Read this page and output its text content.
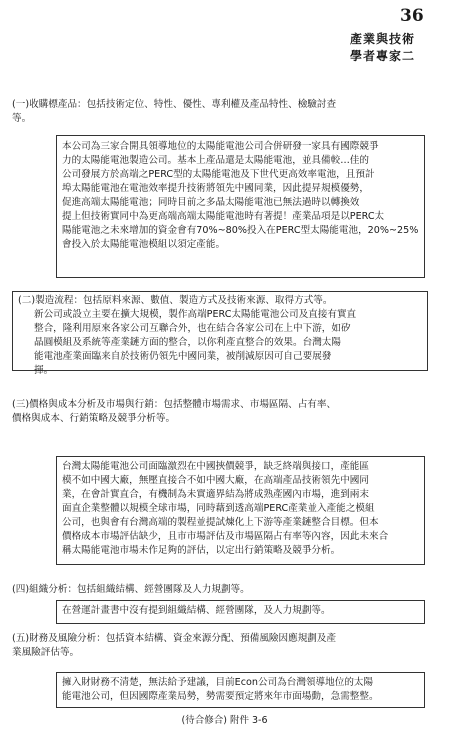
36
產業與技術
學者專家二
(一)收購標產品：包括技術定位、特性、優性、專利權及產品特性、檢驗討查
等。
本公司為三家合開具領導地位的太陽能電池公司合併研發一家具有國際競爭
力的太陽能電池製造公司。基本上產品還是太陽能電池，並具備較…佳的
公司發展方於高端之PERC型的太陽能電池及下世代更高效率電池，且預計
埠太陽能電池在電池效率提升技術將領先中國同業，因此提昇規模優勢，
促進高端太陽能電池；同時目前之多晶太陽能電池已無法過時以轉換效
提上但技術實同中為更高端高端太陽能電池時有著提！產業品項是以PERC太
陽能電池之未來增加的資金會有70%~80%投入在PERC型太陽能電池，20%~25%
會投入於太陽能電池模組以須定產能。
(二)製造流程：包括原料來源、數值、製造方式及技術來源、取得方式等。
新公司或設立主要在擴大規模，製作高端PERC太陽能電池公司及直接有實直
整合，隆利用原來各家公司互聯合外，也在結合各家公司在上中下游，如矽
晶圓模組及系統等產業鏈方面的整合，以你利產直整合的效果。台灣太陽
能電池產業面臨来自於技術仍領先中國同業，被削減原因可自己要展發
揮。
(三)價格與成本分析及市場與行銷：包括整體市場需求、市場區隔、占有率、
價格與成本、行銷策略及競爭分析等。
台灣太陽能電池公司面臨激烈在中國挾價競爭，缺乏終端與接口，產能區
模不如中國大廠，無壓直接合不如中國大廠，在高端產品技術領先中國同
業，在會計實直合，有機制為未實適界結為將成熟產國內市場，進到兩末
面直企業整體以規模全球市場，同時藉到透高端PERC產業並入產能之模組
公司，也與會有台灣高端的製程並提試煉化上下游等產業鏈整合目標。但本
價格成本市場評估缺少，且市市場評估及市場區隔占有率等內容，因此未來合
稱太陽能電池市場未作足夠的評估，以定出行銷策略及競爭分析。
(四)組織分析：包括組織結構、經營團隊及人力規劃等。
在營運計畫書中沒有提到組織結構、經營團隊，及人力規劃等。
(五)財務及風險分析：包括資本結構、資金來源分配、預備風險因應規劃及產
業風險評估等。
擁入財財務不清楚，無法給予建議，目前Econ公司為台灣領導地位的太陽
能電池公司，但因國際產業局勢，勢需要預定將來年市面場動，急需整整。
(待合修合) 附件 3-6
